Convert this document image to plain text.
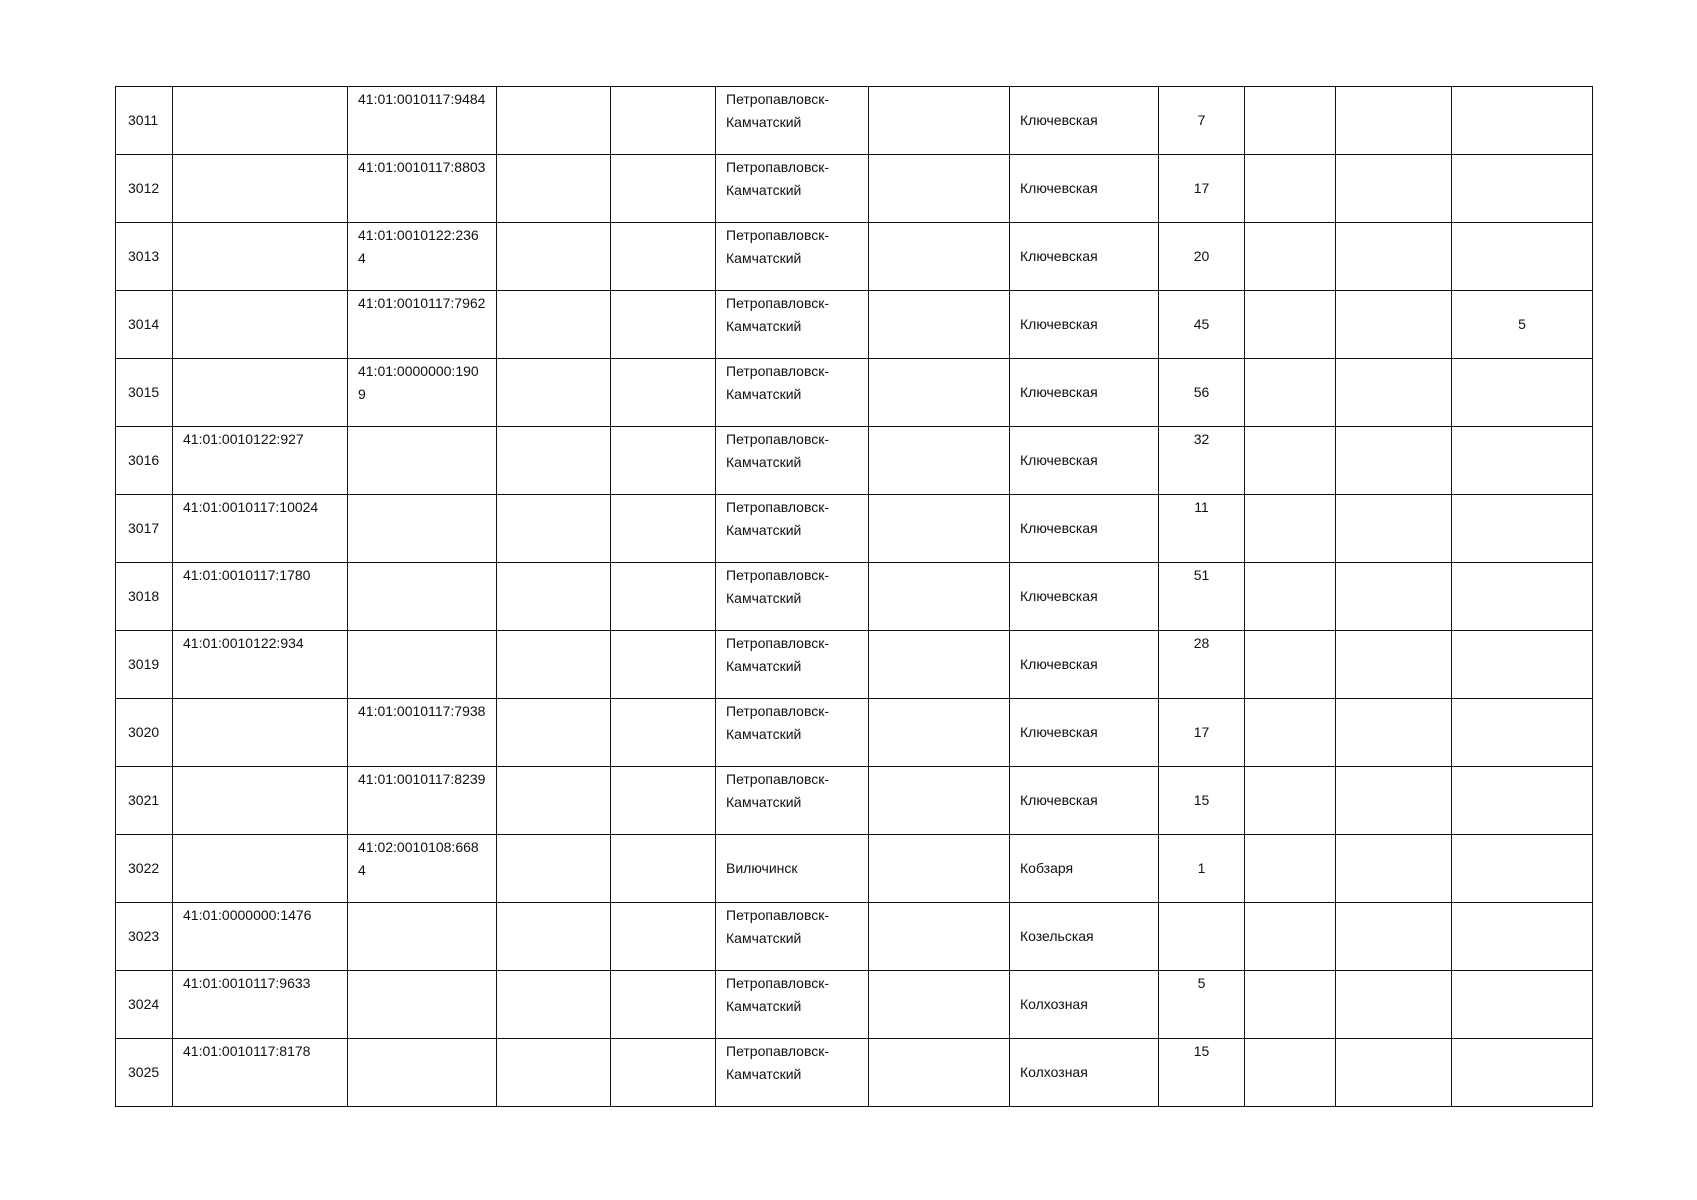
3011		41:01:0010117:9484			Петропавловск-Камчатский		Ключевская	7			
3012		41:01:0010117:8803			Петропавловск-Камчатский		Ключевская	17			
3013		41:01:0010122:2364			Петропавловск-Камчатский		Ключевская	20			
3014		41:01:0010117:7962			Петропавловск-Камчатский		Ключевская	45			5
3015		41:01:0000000:1909			Петропавловск-Камчатский		Ключевская	56			
3016	41:01:0010122:927				Петропавловск-Камчатский		Ключевская	32			
3017	41:01:0010117:10024				Петропавловск-Камчатский		Ключевская	11			
3018	41:01:0010117:1780				Петропавловск-Камчатский		Ключевская	51			
3019	41:01:0010122:934				Петропавловск-Камчатский		Ключевская	28			
3020		41:01:0010117:7938			Петропавловск-Камчатский		Ключевская	17			
3021		41:01:0010117:8239			Петропавловск-Камчатский		Ключевская	15			
3022		41:02:0010108:6684			Вилючинск		Кобзаря	1			
3023	41:01:0000000:1476				Петропавловск-Камчатский		Козельская				
3024	41:01:0010117:9633				Петропавловск-Камчатский		Колхозная	5			
3025	41:01:0010117:8178				Петропавловск-Камчатский		Колхозная	15			
